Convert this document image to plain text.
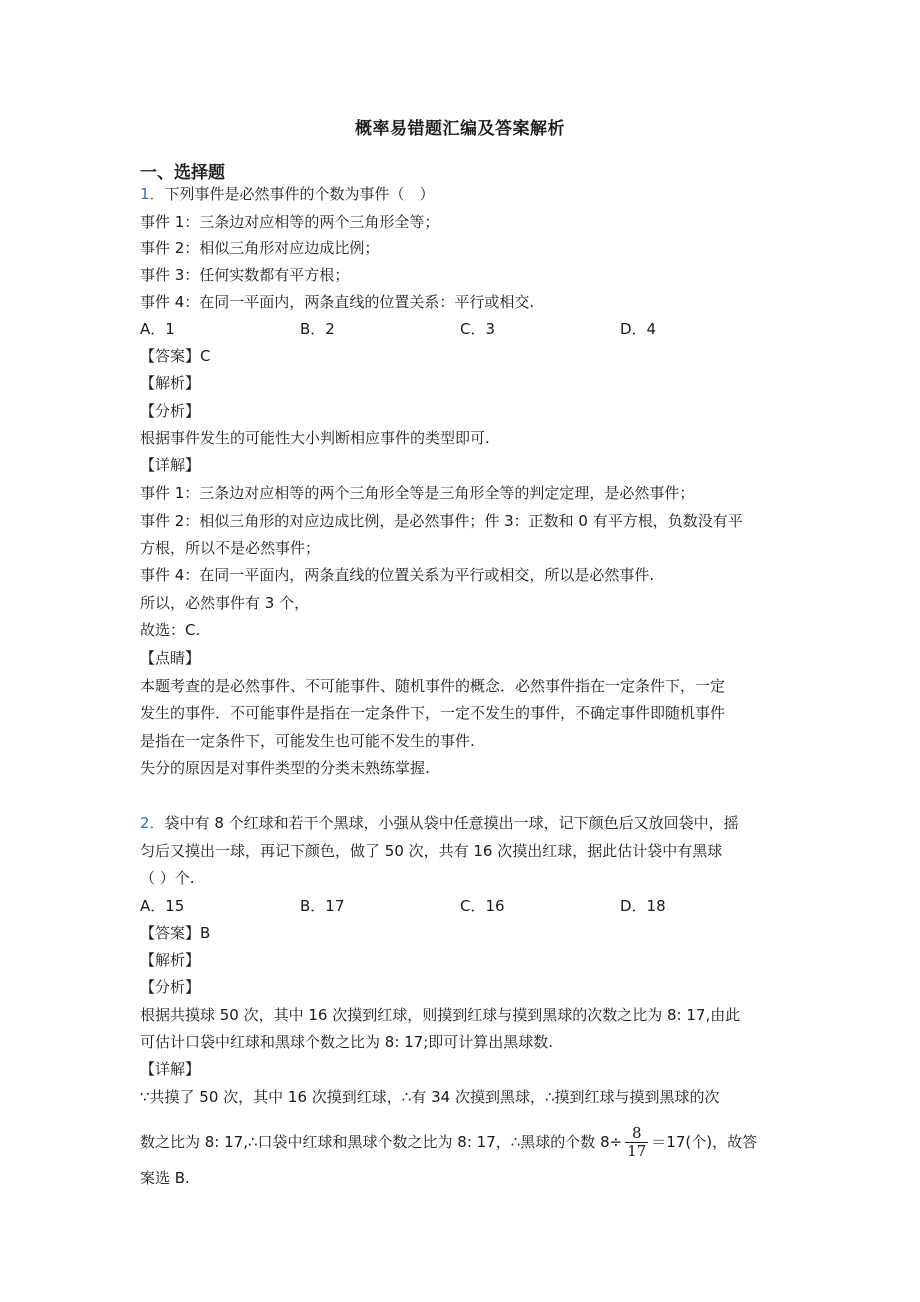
概率易错题汇编及答案解析
一、选择题
1．下列事件是必然事件的个数为事件（　）
事件 1：三条边对应相等的两个三角形全等；
事件 2：相似三角形对应边成比例；
事件 3：任何实数都有平方根；
事件 4：在同一平面内，两条直线的位置关系：平行或相交.
A．1	B．2	C．3	D．4
【答案】C
【解析】
【分析】
根据事件发生的可能性大小判断相应事件的类型即可.
【详解】
事件 1：三条边对应相等的两个三角形全等是三角形全等的判定定理，是必然事件；
事件 2：相似三角形的对应边成比例，是必然事件；件 3：正数和 0 有平方根，负数没有平
方根，所以不是必然事件；
事件 4：在同一平面内，两条直线的位置关系为平行或相交，所以是必然事件.
所以，必然事件有 3 个，
故选：C.
【点睛】
本题考查的是必然事件、不可能事件、随机事件的概念．必然事件指在一定条件下，一定
发生的事件．不可能事件是指在一定条件下，一定不发生的事件，不确定事件即随机事件
是指在一定条件下，可能发生也可能不发生的事件.
失分的原因是对事件类型的分类未熟练掌握.
2．袋中有 8 个红球和若干个黑球，小强从袋中任意摸出一球，记下颜色后又放回袋中，摇
匀后又摸出一球，再记下颜色，做了 50 次，共有 16 次摸出红球，据此估计袋中有黑球
（ ）个.
A．15	B．17	C．16	D．18
【答案】B
【解析】
【分析】
根据共摸球 50 次，其中 16 次摸到红球，则摸到红球与摸到黑球的次数之比为 8: 17,由此
可估计口袋中红球和黑球个数之比为 8: 17;即可计算出黑球数.
【详解】
∵共摸了 50 次，其中 16 次摸到红球，∴有 34 次摸到黑球，∴摸到红球与摸到黑球的次
数之比为 8: 17,∴口袋中红球和黑球个数之比为 8: 17，∴黑球的个数 $8\div \frac{8}{17} =17$(个)，故答
案选 B.
